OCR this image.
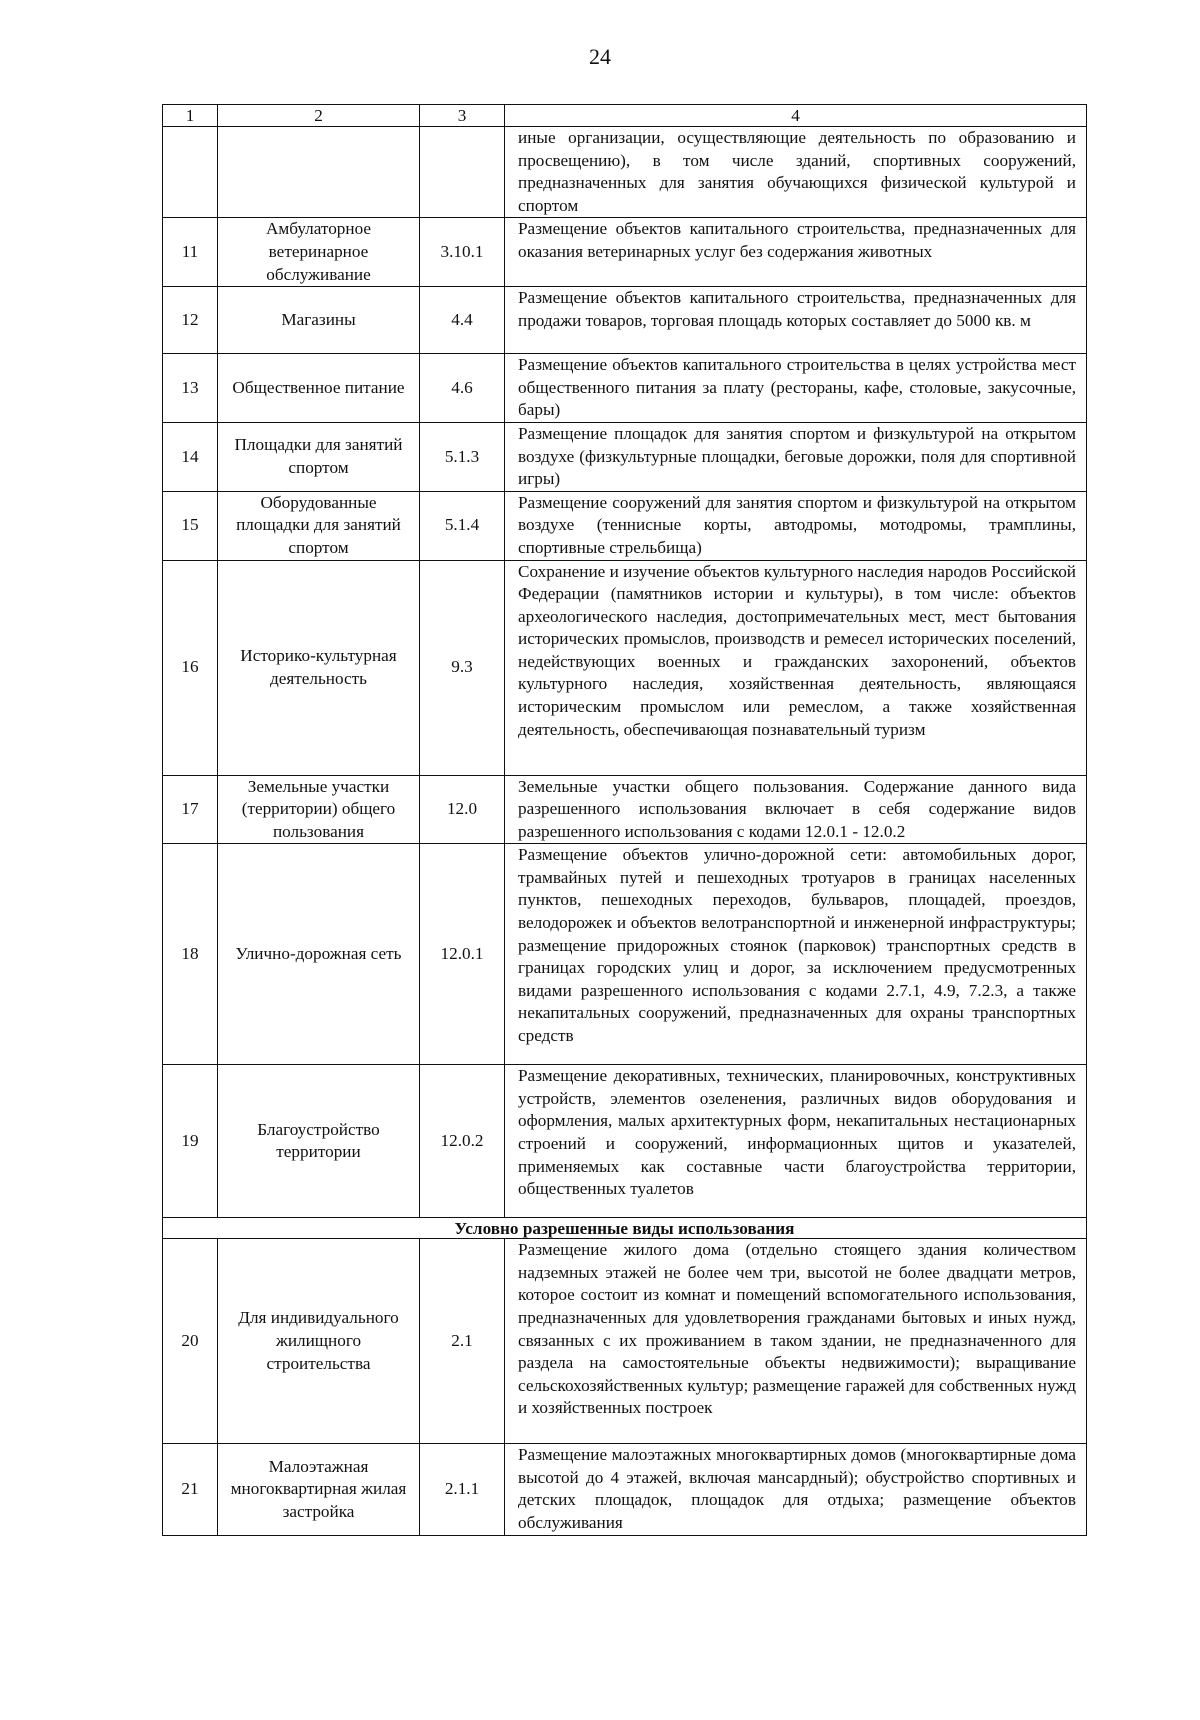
24
1	2	3	4
			иные организации, осуществляющие деятельность по образованию и просвещению), в том числе зданий, спортивных сооружений, предназначенных для занятия обучающихся физической культурой и спортом
11	Амбулаторное ветеринарное обслуживание	3.10.1	Размещение объектов капитального строительства, предназначенных для оказания ветеринарных услуг без содержания животных
12	Магазины	4.4	Размещение объектов капитального строительства, предназначенных для продажи товаров, торговая площадь которых составляет до 5000 кв. м
13	Общественное питание	4.6	Размещение объектов капитального строительства в целях устройства мест общественного питания за плату (рестораны, кафе, столовые, закусочные, бары)
14	Площадки для занятий спортом	5.1.3	Размещение площадок для занятия спортом и физкультурой на открытом воздухе (физкультурные площадки, беговые дорожки, поля для спортивной игры)
15	Оборудованные площадки для занятий спортом	5.1.4	Размещение сооружений для занятия спортом и физкультурой на открытом воздухе (теннисные корты, автодромы, мотодромы, трамплины, спортивные стрельбища)
16	Историко-культурная деятельность	9.3	Сохранение и изучение объектов культурного наследия народов Российской Федерации (памятников истории и культуры), в том числе: объектов археологического наследия, достопримечательных мест, мест бытования исторических промыслов, производств и ремесел исторических поселений, недействующих военных и гражданских захоронений, объектов культурного наследия, хозяйственная деятельность, являющаяся историческим промыслом или ремеслом, а также хозяйственная деятельность, обеспечивающая познавательный туризм
17	Земельные участки (территории) общего пользования	12.0	Земельные участки общего пользования. Содержание данного вида разрешенного использования включает в себя содержание видов разрешенного использования с кодами 12.0.1 - 12.0.2
18	Улично-дорожная сеть	12.0.1	Размещение объектов улично-дорожной сети: автомобильных дорог, трамвайных путей и пешеходных тротуаров в границах населенных пунктов, пешеходных переходов, бульваров, площадей, проездов, велодорожек и объектов велотранспортной и инженерной инфраструктуры; размещение придорожных стоянок (парковок) транспортных средств в границах городских улиц и дорог, за исключением предусмотренных видами разрешенного использования с кодами 2.7.1, 4.9, 7.2.3, а также некапитальных сооружений, предназначенных для охраны транспортных средств
19	Благоустройство территории	12.0.2	Размещение декоративных, технических, планировочных, конструктивных устройств, элементов озеленения, различных видов оборудования и оформления, малых архитектурных форм, некапитальных нестационарных строений и сооружений, информационных щитов и указателей, применяемых как составные части благоустройства территории, общественных туалетов
Условно разрешенные виды использования			
20	Для индивидуального жилищного строительства	2.1	Размещение жилого дома (отдельно стоящего здания количеством надземных этажей не более чем три, высотой не более двадцати метров, которое состоит из комнат и помещений вспомогательного использования, предназначенных для удовлетворения гражданами бытовых и иных нужд, связанных с их проживанием в таком здании, не предназначенного для раздела на самостоятельные объекты недвижимости); выращивание сельскохозяйственных культур; размещение гаражей для собственных нужд и хозяйственных построек
21	Малоэтажная многоквартирная жилая застройка	2.1.1	Размещение малоэтажных многоквартирных домов (многоквартирные дома высотой до 4 этажей, включая мансардный); обустройство спортивных и детских площадок, площадок для отдыха; размещение объектов обслуживания
